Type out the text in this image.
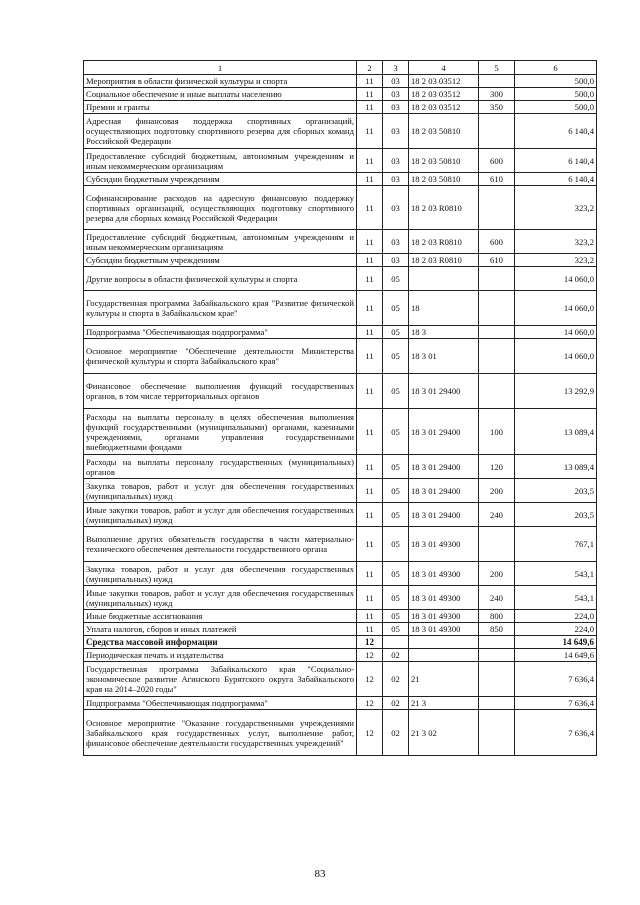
1	2	3	4	5	6
Мероприятия в области физической культуры и спорта	11	03	18 2 03 03512		500,0
Социальное обеспечение и иные выплаты населению	11	03	18 2 03 03512	300	500,0
Премии и гранты	11	03	18 2 03 03512	350	500,0
Адресная финансовая поддержка спортивных организаций, осуществляющих подготовку спортивного резерва для сборных команд Российской Федерации	11	03	18 2 03 50810		6 140,4
Предоставление субсидий бюджетным, автономным учреждениям и иным некоммерческим организациям	11	03	18 2 03 50810	600	6 140,4
Субсидии бюджетным учреждениям	11	03	18 2 03 50810	610	6 140,4
Софинансирование расходов на адресную финансовую поддержку спортивных организаций, осуществляющих подготовку спортивного резерва для сборных команд Российской Федерации	11	03	18 2 03 R0810		323,2
Предоставление субсидий бюджетным, автономным учреждениям и иным некоммерческим организациям	11	03	18 2 03 R0810	600	323,2
Субсидии бюджетным учреждениям	11	03	18 2 03 R0810	610	323,2
Другие вопросы в области физической культуры и спорта	11	05			14 060,0
Государственная программа Забайкальского края "Развитие физической культуры и спорта в Забайкальском крае"	11	05	18		14 060,0
Подпрограмма "Обеспечивающая подпрограмма"	11	05	18 3		14 060,0
Основное мероприятие "Обеспечение деятельности Министерства физической культуры и спорта Забайкальского края"	11	05	18 3 01		14 060,0
Финансовое обеспечение выполнения функций государственных органов, в том числе территориальных органов	11	05	18 3 01 29400		13 292,9
Расходы на выплаты персоналу в целях обеспечения выполнения функций государственными (муниципальными) органами, казенными учреждениями, органами управления государственными внебюджетными фондами	11	05	18 3 01 29400	100	13 089,4
Расходы на выплаты персоналу государственных (муниципальных) органов	11	05	18 3 01 29400	120	13 089,4
Закупка товаров, работ и услуг для обеспечения государственных (муниципальных) нужд	11	05	18 3 01 29400	200	203,5
Иные закупки товаров, работ и услуг для обеспечения государственных (муниципальных) нужд	11	05	18 3 01 29400	240	203,5
Выполнение других обязательств государства в части материально-технического обеспечения деятельности государственного органа	11	05	18 3 01 49300		767,1
Закупка товаров, работ и услуг для обеспечения государственных (муниципальных) нужд	11	05	18 3 01 49300	200	543,1
Иные закупки товаров, работ и услуг для обеспечения государственных (муниципальных) нужд	11	05	18 3 01 49300	240	543,1
Иные бюджетные ассигнования	11	05	18 3 01 49300	800	224,0
Уплата налогов, сборов и иных платежей	11	05	18 3 01 49300	850	224,0
Средства массовой информации	12				14 649,6
Периодическая печать и издательства	12	02			14 649,6
Государственная программа Забайкальского края "Социально-экономическое развитие Агинского Бурятского округа Забайкальского края на 2014–2020 годы"	12	02	21		7 636,4
Подпрограмма "Обеспечивающая подпрограмма"	12	02	21 3		7 636,4
Основное мероприятие "Оказание государственными учреждениями Забайкальского края государственных услуг, выполнение работ, финансовое обеспечение деятельности государственных учреждений"	12	02	21 3 02		7 636,4
83
